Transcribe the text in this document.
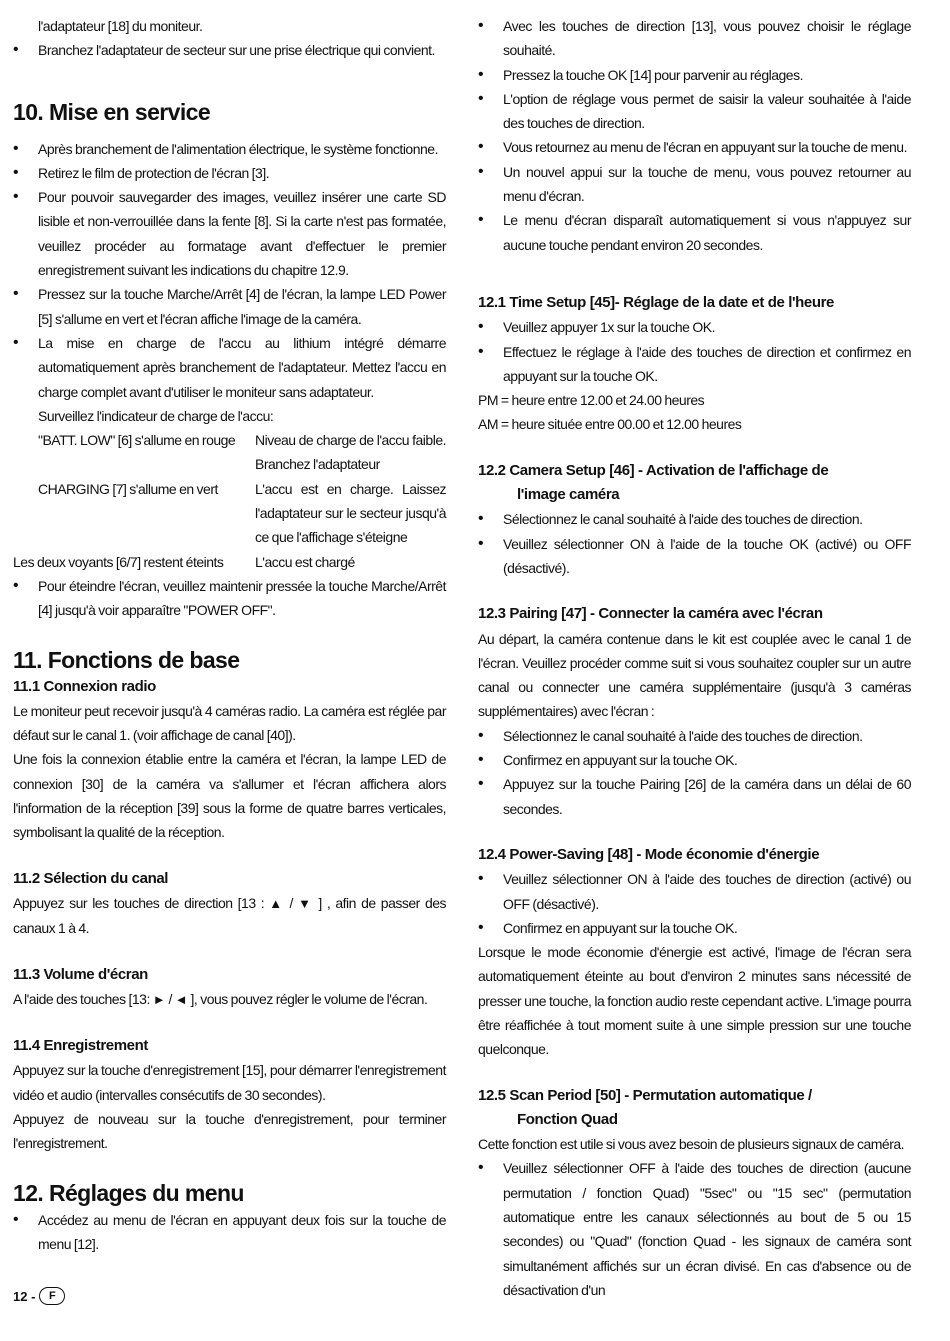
l'adaptateur [18] du moniteur.
• Branchez l'adaptateur de secteur sur une prise électrique qui convient.
10. Mise en service
• Après branchement de l'alimentation électrique, le système fonctionne.
• Retirez le film de protection de l'écran [3].
• Pour pouvoir sauvegarder des images, veuillez insérer une carte SD lisible et non-verrouillée dans la fente [8]. Si la carte n'est pas formatée, veuillez procéder au formatage avant d'effectuer le premier enregistrement suivant les indications du chapitre 12.9.
• Pressez sur la touche Marche/Arrêt [4] de l'écran, la lampe LED Power [5] s'allume en vert et l'écran affiche l'image de la caméra.
• La mise en charge de l'accu au lithium intégré démarre automatiquement après branchement de l'adaptateur. Mettez l'accu en charge complet avant d'utiliser le moniteur sans adaptateur.
Surveillez l'indicateur de charge de l'accu:
"BATT. LOW" [6] s'allume en rouge	Niveau de charge de l'accu faible. Branchez l'adaptateur
CHARGING [7] s'allume en vert	L'accu est en charge. Laissez l'adaptateur sur le secteur jusqu'à ce que l'affichage s'éteigne
Les deux voyants [6/7] restent éteints	L'accu est chargé
• Pour éteindre l'écran, veuillez maintenir pressée la touche Marche/Arrêt [4] jusqu'à voir apparaître "POWER OFF".
11. Fonctions de base
11.1 Connexion radio
Le moniteur peut recevoir jusqu'à 4 caméras radio. La caméra est réglée par défaut sur le canal 1. (voir affichage de canal [40]).
Une fois la connexion établie entre la caméra et l'écran, la lampe LED de connexion [30] de la caméra va s'allumer et l'écran affichera alors l'information de la réception [39] sous la forme de quatre barres verticales, symbolisant la qualité de la réception.
11.2 Sélection du canal
Appuyez sur les touches de direction [13 : ▲ / ▼ ] , afin de passer des canaux 1 à 4.
11.3 Volume d'écran
A l'aide des touches [13: ► / ◄ ], vous pouvez régler le volume de l'écran.
11.4 Enregistrement
Appuyez sur la touche d'enregistrement [15], pour démarrer l'enregistrement vidéo et audio (intervalles consécutifs de 30 secondes).
Appuyez de nouveau sur la touche d'enregistrement, pour terminer l'enregistrement.
12. Réglages du menu
• Accédez au menu de l'écran en appuyant deux fois sur la touche de menu [12].
• Avec les touches de direction [13], vous pouvez choisir le réglage souhaité.
• Pressez la touche OK [14] pour parvenir au réglages.
• L'option de réglage vous permet de saisir la valeur souhaitée à l'aide des touches de direction.
• Vous retournez au menu de l'écran en appuyant sur la touche de menu.
• Un nouvel appui sur la touche de menu, vous pouvez retourner au menu d'écran.
• Le menu d'écran disparaît automatiquement si vous n'appuyez sur aucune touche pendant environ 20 secondes.
12.1 Time Setup [45]- Réglage de la date et de l'heure
• Veuillez appuyer 1x sur la touche OK.
• Effectuez le réglage à l'aide des touches de direction et confirmez en appuyant sur la touche OK.
PM = heure entre 12.00 et 24.00 heures
AM = heure située entre 00.00 et 12.00 heures
12.2 Camera Setup [46] - Activation de l'affichage de
l'image caméra
• Sélectionnez le canal souhaité à l'aide des touches de direction.
• Veuillez sélectionner ON à l'aide de la touche OK (activé) ou OFF (désactivé).
12.3 Pairing [47] - Connecter la caméra avec l'écran
Au départ, la caméra contenue dans le kit est couplée avec le canal 1 de l'écran. Veuillez procéder comme suit si vous souhaitez coupler sur un autre canal ou connecter une caméra supplémentaire (jusqu'à 3 caméras supplémentaires) avec l'écran :
• Sélectionnez le canal souhaité à l'aide des touches de direction.
• Confirmez en appuyant sur la touche OK.
• Appuyez sur la touche Pairing [26] de la caméra dans un délai de 60 secondes.
12.4 Power-Saving [48] - Mode économie d'énergie
• Veuillez sélectionner ON à l'aide des touches de direction (activé) ou OFF (désactivé).
• Confirmez en appuyant sur la touche OK.
Lorsque le mode économie d'énergie est activé, l'image de l'écran sera automatiquement éteinte au bout d'environ 2 minutes sans nécessité de presser une touche, la fonction audio reste cependant active. L'image pourra être réaffichée à tout moment suite à une simple pression sur une touche quelconque.
12.5 Scan Period [50] - Permutation automatique /
Fonction Quad
Cette fonction est utile si vous avez besoin de plusieurs signaux de caméra.
• Veuillez sélectionner OFF à l'aide des touches de direction (aucune permutation / fonction Quad) "5sec" ou "15 sec" (permutation automatique entre les canaux sélectionnés au bout de 5 ou 15 secondes) ou "Quad" (fonction Quad - les signaux de caméra sont simultanément affichés sur un écran divisé. En cas d'absence ou de désactivation d'un
12 -	F
